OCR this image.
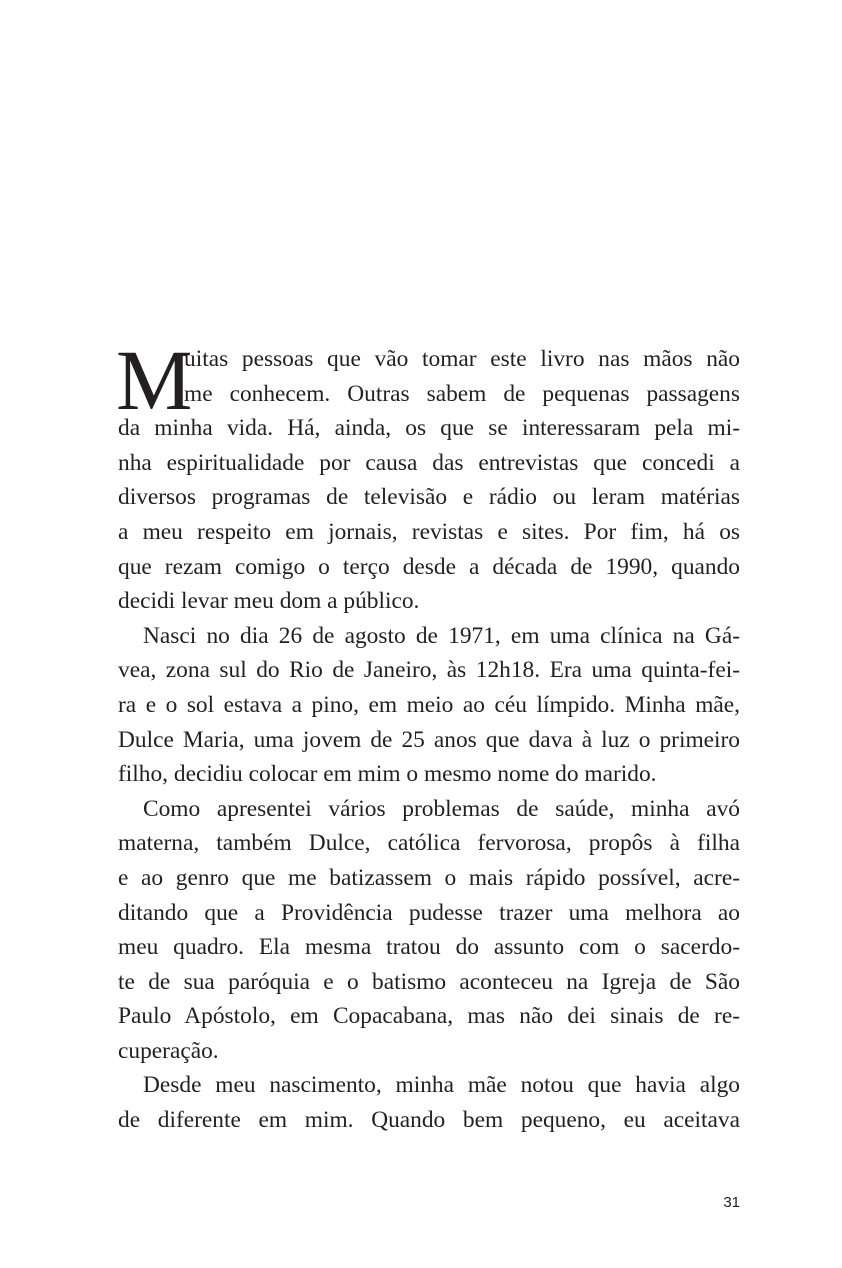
M
uitas pessoas que vão tomar este livro nas mãos não
me conhecem. Outras sabem de pequenas passagens
da minha vida. Há, ainda, os que se interessaram pela mi-
nha espiritualidade por causa das entrevistas que concedi a
diversos programas de televisão e rádio ou leram matérias
a meu respeito em jornais, revistas e sites. Por fim, há os
que rezam comigo o terço desde a década de 1990, quando
decidi levar meu dom a público.
Nasci no dia 26 de agosto de 1971, em uma clínica na Gá-
vea, zona sul do Rio de Janeiro, às 12h18. Era uma quinta-fei-
ra e o sol estava a pino, em meio ao céu límpido. Minha mãe,
Dulce Maria, uma jovem de 25 anos que dava à luz o primeiro
filho, decidiu colocar em mim o mesmo nome do marido.
Como apresentei vários problemas de saúde, minha avó
materna, também Dulce, católica fervorosa, propôs à filha
e ao genro que me batizassem o mais rápido possível, acre-
ditando que a Providência pudesse trazer uma melhora ao
meu quadro. Ela mesma tratou do assunto com o sacerdo-
te de sua paróquia e o batismo aconteceu na Igreja de São
Paulo Apóstolo, em Copacabana, mas não dei sinais de re-
cuperação.
Desde meu nascimento, minha mãe notou que havia algo
de diferente em mim. Quando bem pequeno, eu aceitava
31
